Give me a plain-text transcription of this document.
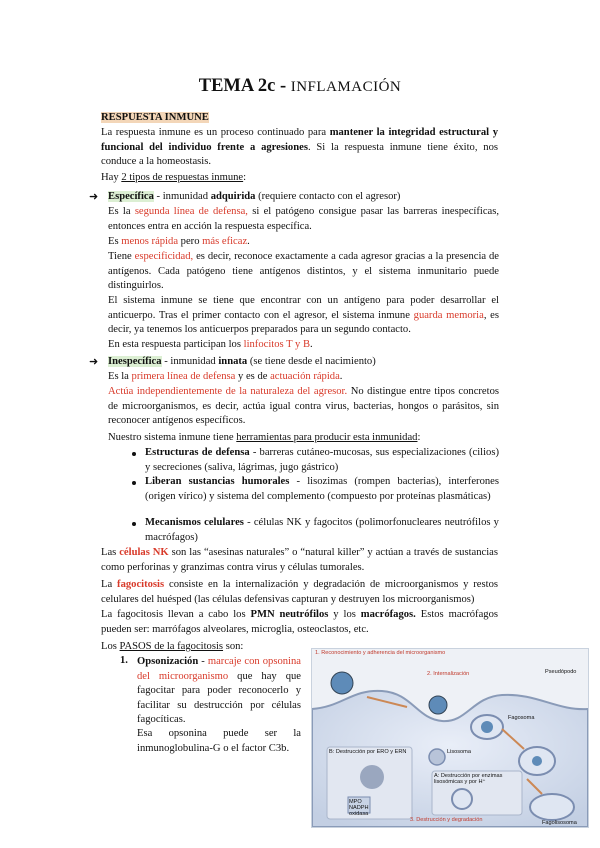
TEMA 2c - INFLAMACIÓN
RESPUESTA INMUNE
La respuesta inmune es un proceso continuado para mantener la integridad estructural y funcional del individuo frente a agresiones. Si la respuesta inmune tiene éxito, nos conduce a la homeostasis.
Hay 2 tipos de respuestas inmune:
➜ Específica - inmunidad adquirida (requiere contacto con el agresor)
Es la segunda línea de defensa, si el patógeno consigue pasar las barreras inespecíficas, entonces entra en acción la respuesta específica.
Es menos rápida pero más eficaz.
Tiene especificidad, es decir, reconoce exactamente a cada agresor gracias a la presencia de antígenos. Cada patógeno tiene antígenos distintos, y el sistema inmunitario puede distinguirlos.
El sistema inmune se tiene que encontrar con un antígeno para poder desarrollar el anticuerpo. Tras el primer contacto con el agresor, el sistema inmune guarda memoria, es decir, ya tenemos los anticuerpos preparados para un segundo contacto.
En esta respuesta participan los linfocitos T y B.
➜ Inespecífica - inmunidad innata (se tiene desde el nacimiento)
Es la primera línea de defensa y es de actuación rápida.
Actúa independientemente de la naturaleza del agresor. No distingue entre tipos concretos de microorganismos, es decir, actúa igual contra virus, bacterias, hongos o parásitos, sin reconocer antígenos específicos.
Nuestro sistema inmune tiene herramientas para producir esta inmunidad:
Estructuras de defensa - barreras cutáneo-mucosas, sus especializaciones (cilios) y secreciones (saliva, lágrimas, jugo gástrico)
Liberan sustancias humorales - lisozimas (rompen bacterias), interferones (origen vírico) y sistema del complemento (compuesto por proteínas plasmáticas)
Mecanismos celulares - células NK y fagocitos (polimorfonucleares neutrófilos y macrófagos)
Las células NK son las “asesinas naturales” o “natural killer” y actúan a través de sustancias como perforinas y granzimas contra virus y células tumorales.
La fagocitosis consiste en la internalización y degradación de microorganismos y restos celulares del huésped (las células defensivas capturan y destruyen los microorganismos)
La fagocitosis llevan a cabo los PMN neutrófilos y los macrófagos. Estos macrófagos pueden ser: marrófagos alveolares, microglia, osteoclastos, etc.
Los PASOS de la fagocitosis son:
1. Opsonización - marcaje con opsonina del microorganismo que hay que fagocitar para poder reconocerlo y facilitar su destrucción por células fagocíticas.
Esa opsonina puede ser la inmunoglobulina-G o el factor C3b.
1. Reconocimiento y adherencia del microorganismo
2. Internalización	Pseudópodo
Fagosoma
Lisosoma
B: Destrucción por ERO y ERN
A: Destrucción por enzimas lisosómicas y por H⁺
3. Destrucción y degradación	Fagolisosoma
MPO NADPH oxidasa
